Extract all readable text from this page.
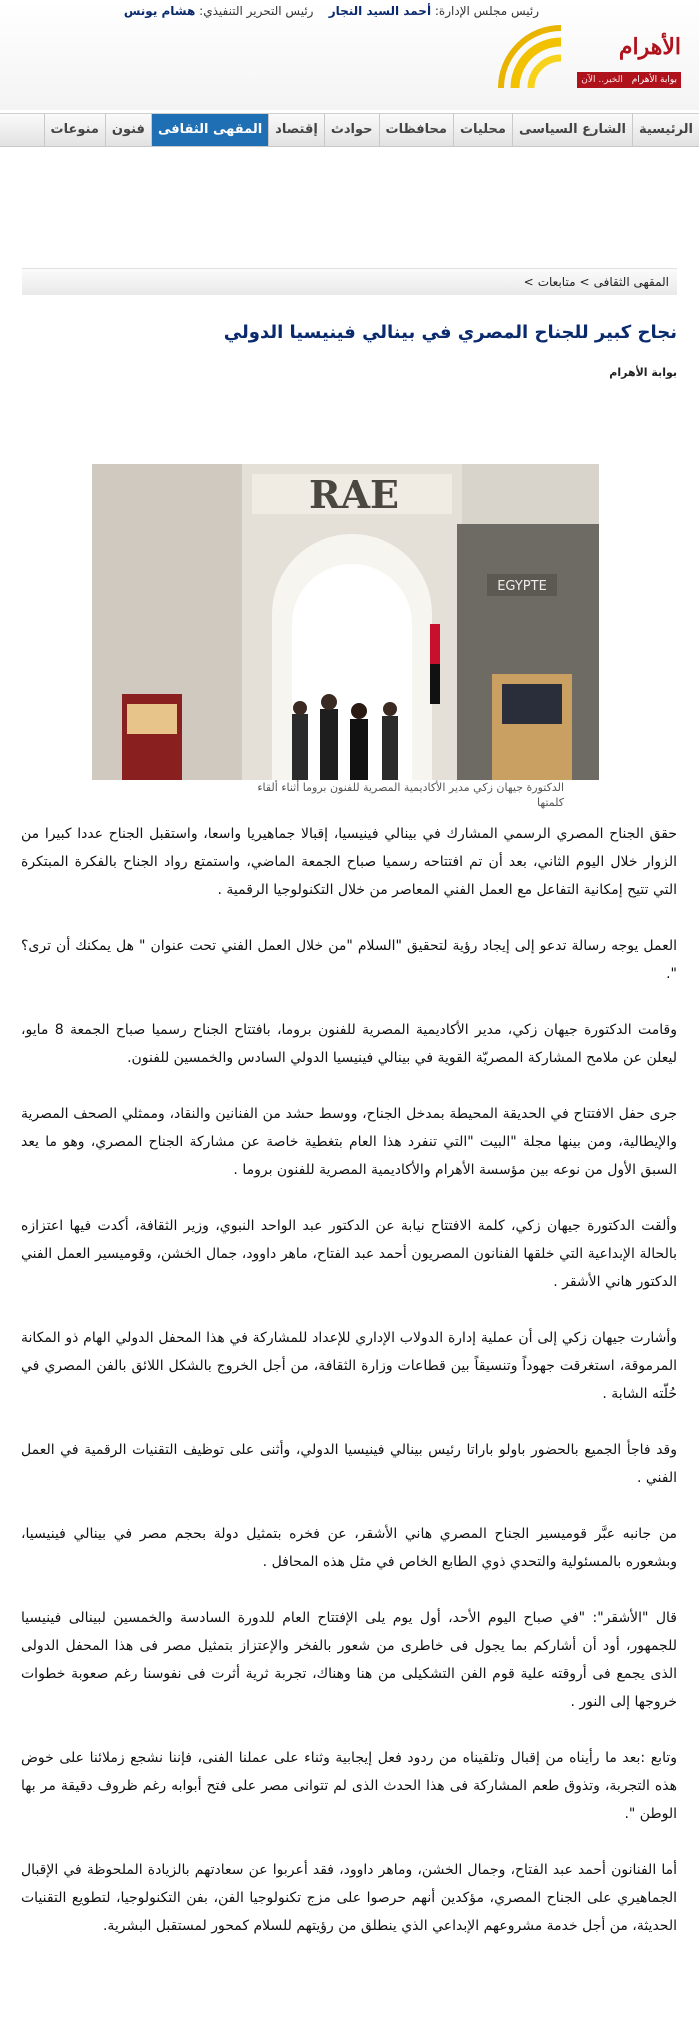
رئيس مجلس الإدارة: أحمد السيد النجار    رئيس التحرير التنفيذي: هشام يونس
الأهرام
بوابة الأهرام الخبر.. الآن
الرئيسية
الشارع السياسى
محليات
محافظات
حوادث
إقتصاد
المقهى الثقافى
فنون
منوعات
المقهى الثقافى>متابعات>
نجاح كبير للجناح المصري في بينالي فينيسيا الدولي
بوابة الأهرام
RAE
EGYPTE
الدكتورة جيهان زكي مدير الأكاديمية المصرية للفنون بروما أثناء ألقاء كلمتها

حقق الجناح المصري الرسمي المشارك في بينالي فينيسيا، إقبالا جماهيريا واسعا، واستقبل الجناح عددا كبيرا من الزوار خلال اليوم الثاني، بعد أن تم افتتاحه رسميا صباح الجمعة الماضي، واستمتع رواد الجناح بالفكرة المبتكرة التي تتيح إمكانية التفاعل مع العمل الفني المعاصر من خلال التكنولوجيا الرقمية .

العمل يوجه رسالة تدعو إلى إيجاد رؤية لتحقيق "السلام "من خلال العمل الفني تحت عنوان " هل يمكنك أن ترى؟ ".

وقامت الدكتورة جيهان زكي، مدير الأكاديمية المصرية للفنون بروما، بافتتاح الجناح رسميا صباح الجمعة 8 مايو، ليعلن عن ملامح المشاركة المصريّة القوية في بينالي فينيسيا الدولي السادس والخمسين للفنون.

جرى حفل الافتتاح في الحديقة المحيطة بمدخل الجناح، ووسط حشد من الفنانين والنقاد، وممثلي الصحف المصرية والإيطالية، ومن بينها مجلة "البيت "التي تنفرد هذا العام بتغطية خاصة عن مشاركة الجناح المصري، وهو ما يعد السبق الأول من نوعه بين مؤسسة الأهرام والأكاديمية المصرية للفنون بروما .

وألقت الدكتورة جيهان زكي، كلمة الافتتاح نيابة عن الدكتور عبد الواحد النبوي، وزير الثقافة، أكدت فيها اعتزازه بالحالة الإبداعية التي خلقها الفنانون المصريون أحمد عبد الفتاح، ماهر داوود، جمال الخشن، وقوميسير العمل الفني الدكتور هاني الأشقر .

وأشارت جيهان زكي إلى أن عملية إدارة الدولاب الإداري للإعداد للمشاركة في هذا المحفل الدولي الهام ذو المكانة المرموقة، استغرقت جهوداً وتنسيقاً بين قطاعات وزارة الثقافة، من أجل الخروج بالشكل اللائق بالفن المصري في حُلّته الشابة .

وقد فاجأ الجميع بالحضور باولو باراتا رئيس بينالي فينيسيا الدولي، وأثنى على توظيف التقنيات الرقمية في العمل الفني .

من جانبه عبَّر قوميسير الجناح المصري هاني الأشقر، عن فخره بتمثيل دولة بحجم مصر في بينالي فينيسيا، وبشعوره بالمسئولية والتحدي ذوي الطابع الخاص في مثل هذه المحافل .

قال "الأشقر": "في صباح اليوم الأحد، أول يوم يلى الإفتتاح العام للدورة السادسة والخمسين لبينالى فينيسيا للجمهور، أود أن أشاركم بما يجول فى خاطرى من شعور بالفخر والإعتزاز بتمثيل مصر فى هذا المحفل الدولى الذى يجمع فى أروقته علية قوم الفن التشكيلى من هنا وهناك، تجربة ثرية أثرت فى نفوسنا رغم صعوبة خطوات خروجها إلى النور .

وتابع :بعد ما رأيناه من إقبال وتلقيناه من ردود فعل إيجابية وثناء على عملنا الفنى، فإننا نشجع زملائنا على خوض هذه التجربة، وتذوق طعم المشاركة فى هذا الحدث الذى لم تتوانى مصر على فتح أبوابه رغم ظروف دقيقة مر بها الوطن ".

أما الفنانون أحمد عبد الفتاح، وجمال الخشن، وماهر داوود، فقد أعربوا عن سعادتهم بالزيادة الملحوظة في الإقبال الجماهيري على الجناح المصري، مؤكدين أنهم حرصوا على مزج تكنولوجيا الفن، بفن التكنولوجيا، لتطويع التقنيات الحديثة، من أجل خدمة مشروعهم الإبداعي الذي ينطلق من رؤيتهم للسلام كمحور لمستقبل البشرية.
